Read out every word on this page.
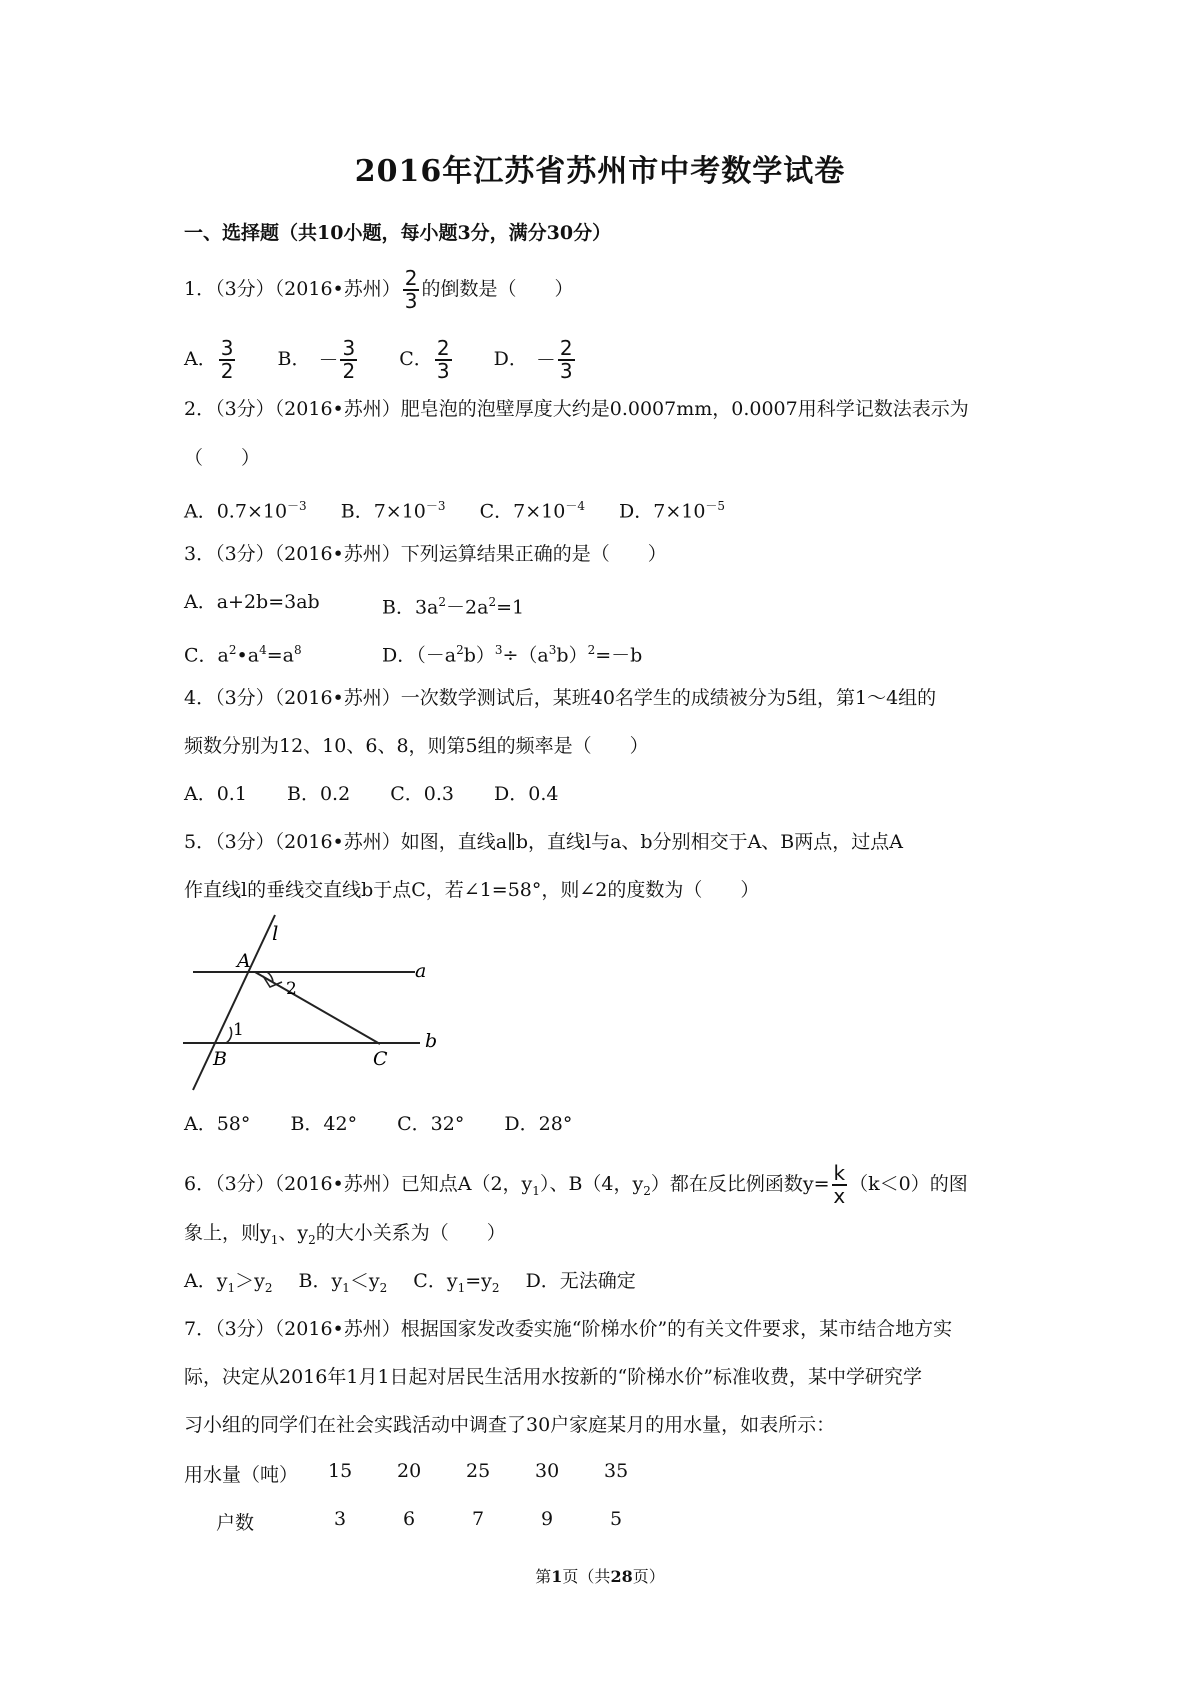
2016年江苏省苏州市中考数学试卷
一、选择题（共10小题，每小题3分，满分30分）
1．（3分）（2016•苏州） $\frac{2}{3}$ 的倒数是（　　）
A． $\frac{3}{2}$ B． － $\frac{3}{2}$ C． $\frac{2}{3}$ D． － $\frac{2}{3}$
2．（3分）（2016•苏州）肥皂泡的泡壁厚度大约是0.0007mm，0.0007用科学记数法表示为
（　　）
A．$0.7\times 10^{-3}$ B．$7\times 10^{-3}$ C．$7\times 10^{-4}$ D．$7\times 10^{-5}$
3．（3分）（2016•苏州）下列运算结果正确的是（　　）
A．a+2b=3ab	B．$3a^2-2a^2=1$
C．$a^2•a^4=a^8$	D．$(-a^2b)^3\div(a^3b)^2=-b$
4．（3分）（2016•苏州）一次数学测试后，某班40名学生的成绩被分为5组，第1～4组的
频数分别为12、10、6、8，则第5组的频率是（　　）
A．0.1 B．0.2 C．0.3 D．0.4
5．（3分）（2016•苏州）如图，直线a∥b，直线l与a、b分别相交于A、B两点，过点A
作直线l的垂线交直线b于点C，若∠1=58°，则∠2的度数为（　　）
l
A	a
2
1
B	C
b
A．58° B．42° C．32° D．28°
6．（3分）（2016•苏州）已知点A（2，$y_1$）、B（4，$y_2$）都在反比例函数$y= \frac{k}{x} (k<0)$的图
象上，则$y_1$、$y_2$的大小关系为（　　）
A．$y_1>y_2$ B．$y_1<y_2$ C．$y_1=y_2$ D．无法确定
7．（3分）（2016•苏州）根据国家发改委实施“阶梯水价”的有关文件要求，某市结合地方实
际，决定从2016年1月1日起对居民生活用水按新的“阶梯水价”标准收费，某中学研究学
习小组的同学们在社会实践活动中调查了30户家庭某月的用水量，如表所示：
用水量（吨） 15 20 25 30 35
户数	3	6	7	9	5
第1页（共28页）
